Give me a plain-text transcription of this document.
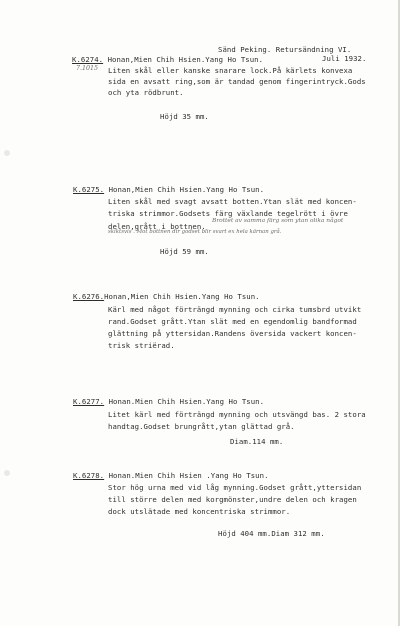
Sänd Peking. Retursändning VI.
Juli 1932.
K.6274. Honan,Mien Chih Hsien.Yang Ho Tsun.
7.1015 Liten skål eller kanske snarare lock.På kärlets konvexa
sida en avsatt ring,som är tandad genom fingerintryck.Gods
och yta rödbrunt.
Höjd 35 mm.
K.6275. Honan,Mien Chih Hsien.Yang Ho Tsun.
Liten skål med svagt avsatt botten.Ytan slät med koncen-
triska strimmor.Godsets färg växlande tegelrött i övre
delen,grått i bottnen.
Brottet av samma färg som ytan olika något
skiktsvis . Mot bottnen dir godset blir svart ex hela kärnan grå.
Höjd 59 mm.
K.6276.Honan,Mien Chih Hsien.Yang Ho Tsun.
Kärl med något förträngd mynning och cirka tumsbrd utvikt
rand.Godset grått.Ytan slät med en egendomlig bandformad
glättning på yttersidan.Randens översida vackert koncen-
trisk striërad.
K.6277. Honan.Mien Chih Hsien.Yang Ho Tsun.
Litet kärl med förträngd mynning och utsvängd bas. 2 stora
handtag.Godset brungrått,ytan glättad grå.
Diam.114 mm.
K.6278. Honan.Mien Chih Hsien .Yang Ho Tsun.
Stor hög urna med vid låg mynning.Godset grått,yttersidan
till större delen med korgmönster,undre delen och kragen
dock utslätade med koncentriska strimmor.
Höjd 404 mm.Diam 312 mm.
